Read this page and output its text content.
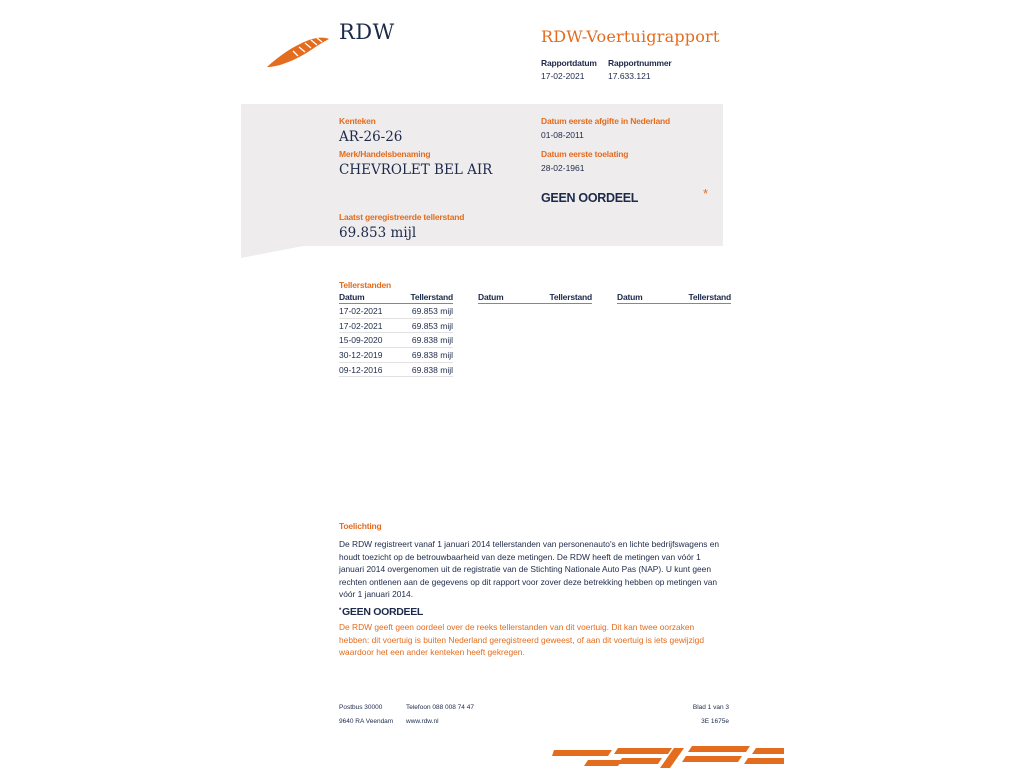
RDW	RDW-Voertuigrapport
Rapportdatum
17-02-2021
Rapportnummer
17.633.121
Kenteken
AR-26-26
Merk/Handelsbenaming
CHEVROLET BEL AIR
Datum eerste afgifte in Nederland
01-08-2011
Datum eerste toelating
28-02-1961
GEEN OORDEEL	*
Laatst geregistreerde tellerstand
69.853 mijl
Tellerstanden
Datum	Tellerstand
17-02-2021	69.853 mijl
17-02-2021	69.853 mijl
15-09-2020	69.838 mijl
30-12-2019	69.838 mijl
09-12-2016	69.838 mijl
Datum	Tellerstand	Datum	Tellerstand
Toelichting
De RDW registreert vanaf 1 januari 2014 tellerstanden van personenauto's en lichte bedrijfswagens en houdt toezicht op de betrouwbaarheid van deze metingen. De RDW heeft de metingen van vóór 1 januari 2014 overgenomen uit de registratie van de Stichting Nationale Auto Pas (NAP). U kunt geen rechten ontlenen aan de gegevens op dit rapport voor zover deze betrekking hebben op metingen van vóór 1 januari 2014.
*GEEN OORDEEL
De RDW geeft geen oordeel over de reeks tellerstanden van dit voertuig. Dit kan twee oorzaken hebben: dit voertuig is buiten Nederland geregistreerd geweest, of aan dit voertuig is iets gewijzigd waardoor het een ander kenteken heeft gekregen.
Postbus 30000
9640 RA Veendam
Telefoon 088 008 74 47
www.rdw.nl
Blad 1 van 3
3E 1675e
